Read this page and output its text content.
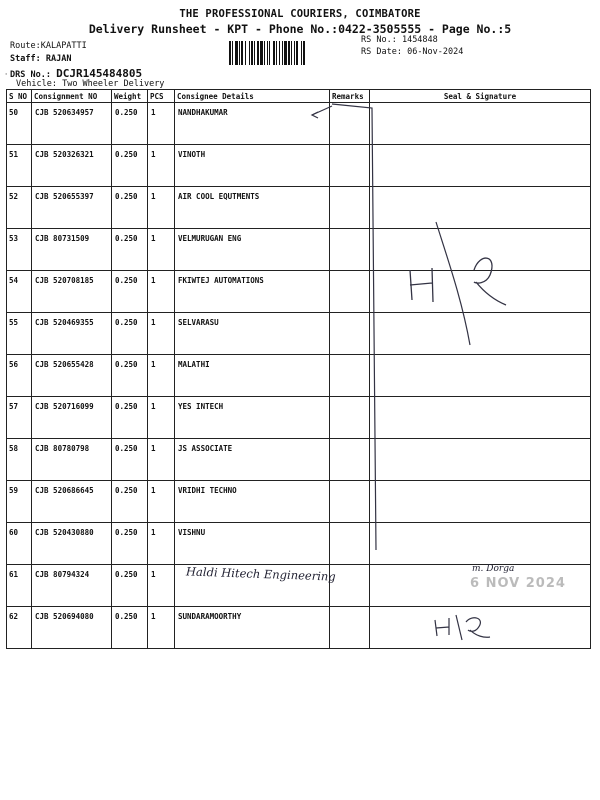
THE PROFESSIONAL COURIERS, COIMBATORE
Delivery Runsheet - KPT - Phone No.:0422-3505555 - Page No.:5
Route:KALAPATTI
Staff: RAJAN
DRS No.: DCJR145484805
Vehicle: Two Wheeler Delivery
RS No.: 1454848
RS Date: 06-Nov-2024
S NO	Consignment NO	Weight	PCS	Consignee Details	Remarks	Seal & Signature
50	CJB 520634957	0.250	1	NANDHAKUMAR		
51	CJB 520326321	0.250	1	VINOTH		
52	CJB 520655397	0.250	1	AIR COOL EQUTMENTS		
53	CJB 80731509	0.250	1	VELMURUGAN ENG		
54	CJB 520708185	0.250	1	FKIWTEJ AUTOMATIONS		
55	CJB 520469355	0.250	1	SELVARASU		
56	CJB 520655428	0.250	1	MALATHI		
57	CJB 520716099	0.250	1	YES INTECH		
58	CJB 80780798	0.250	1	JS ASSOCIATE		
59	CJB 520686645	0.250	1	VRIDHI TECHNO		
60	CJB 520430880	0.250	1	VISHNU		
61	CJB 80794324	0.250	1			
62	CJB 520694080	0.250	1	SUNDARAMOORTHY		
'
Haldi Hitech Engineering	m. Dorga
6 NOV 2024
